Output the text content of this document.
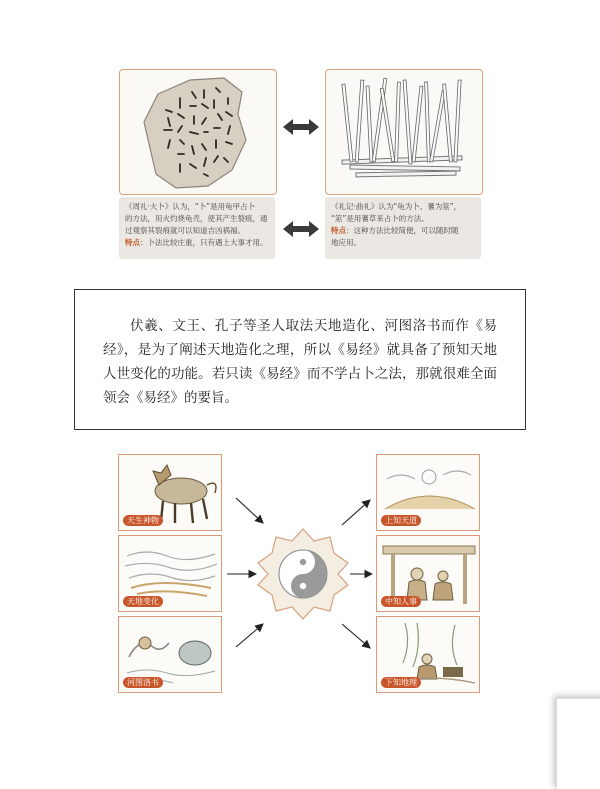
《周礼·大卜》认为，“卜”是用龟甲占卜
的方法，用火灼烧龟壳，使其产生裂痕，通
过观察其裂痕就可以知道吉凶祸福。
特点：卜法比较庄重，只有遇上大事才用。
《礼记·曲礼》认为“龟为卜、蓍为筮”，
“筮”是用蓍草来占卜的方法。
特点：这种方法比较简便，可以随时随
地应用。
伏羲、文王、孔子等圣人取法天地造化、河图洛书而作《易经》，是为了阐述天地造化之理，所以《易经》就具备了预知天地人世变化的功能。若只读《易经》而不学占卜之法，那就很难全面领会《易经》的要旨。
天生神物
天地变化
河图洛书
上知天道
中知人事
下知地理
